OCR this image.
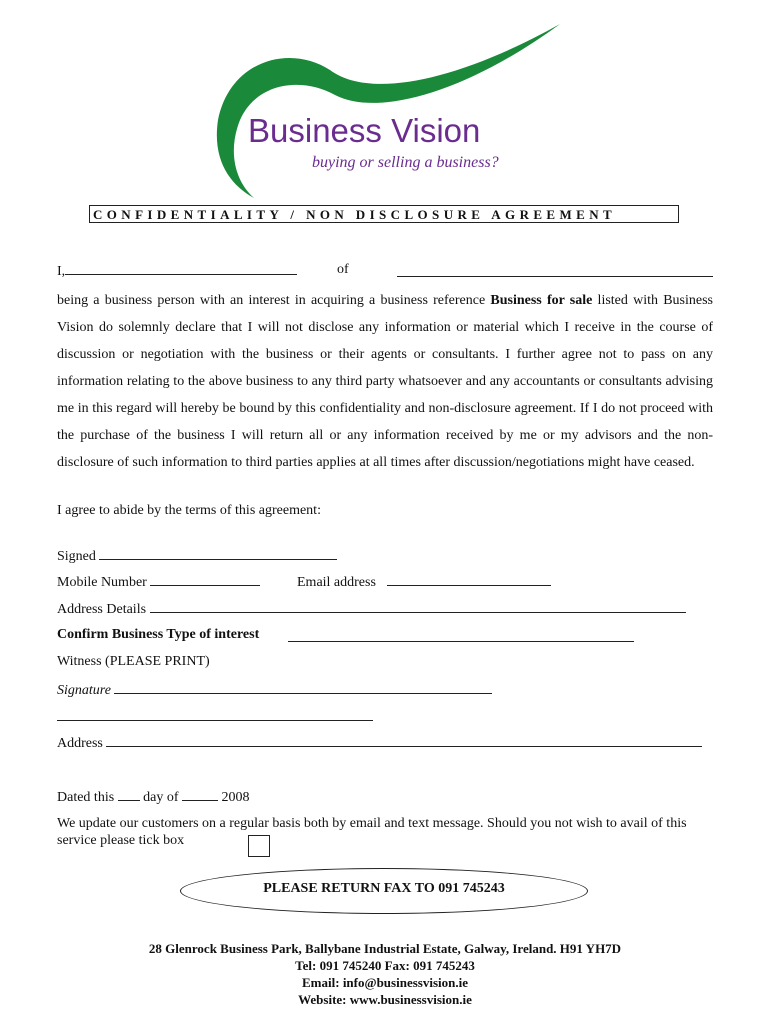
Business Vision
buying or selling a business?
CONFIDENTIALITY / NON DISCLOSURE AGREEMENT
I,	of
being a business person with an interest in acquiring a business reference Business for sale listed with Business Vision do solemnly declare that I will not disclose any information or material which I receive in the course of discussion or negotiation with the business or their agents or consultants. I further agree not to pass on any information relating to the above business to any third party whatsoever and any accountants or consultants advising me in this regard will hereby be bound by this confidentiality and non-disclosure agreement. If I do not proceed with the purchase of the business I will return all or any information received by me or my advisors and the non-disclosure of such information to third parties applies at all times after discussion/negotiations might have ceased.
I agree to abide by the terms of this agreement:
Signed
Mobile Number	Email address
Address Details
Confirm Business Type of interest
Witness (PLEASE PRINT)
Signature
Address
Dated this  day of	2008
We update our customers on a regular basis both by email and text message. Should you not wish to avail of this service please tick box
PLEASE RETURN FAX TO 091 745243
28 Glenrock Business Park, Ballybane Industrial Estate, Galway, Ireland. H91 YH7D
Tel: 091 745240 Fax: 091 745243
Email: info@businessvision.ie
Website: www.businessvision.ie
